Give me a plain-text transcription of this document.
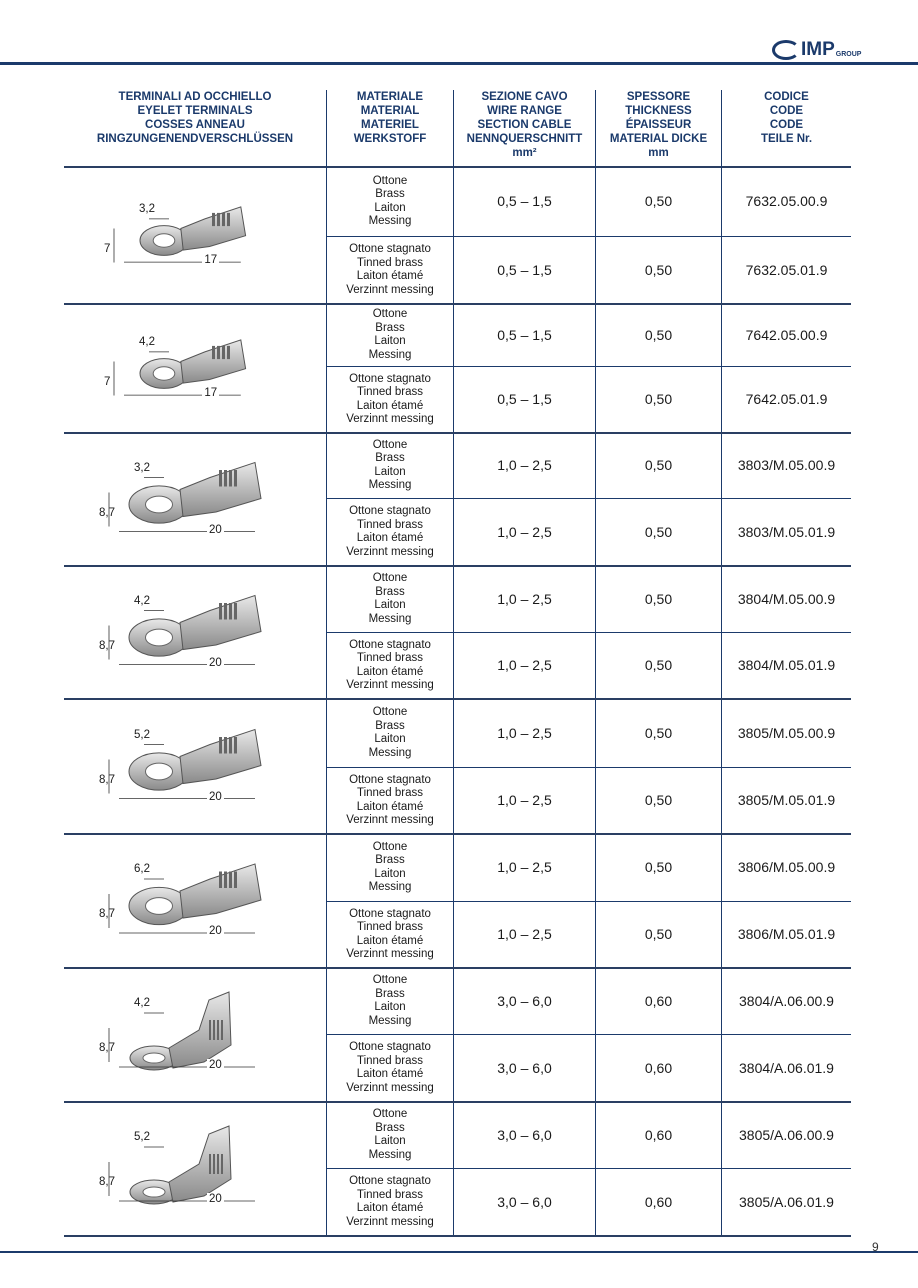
IMP GROUP
TERMINALI AD OCCHIELLO
EYELET TERMINALS
COSSES ANNEAU
RINGZUNGENENDVERSCHLÜSSEN
MATERIALE
MATERIAL
MATERIEL
WERKSTOFF
SEZIONE CAVO
WIRE RANGE
SECTION CABLE
NENNQUERSCHNITT
mm²
SPESSORE
THICKNESS
ÉPAISSEUR
MATERIAL DICKE
mm
CODICE
CODE
CODE
TEILE Nr.
3,2
7
17
Ottone
Brass
Laiton
Messing
0,5 – 1,5	0,50	7632.05.00.9
Ottone stagnato
Tinned brass
Laiton étamé
Verzinnt messing
0,5 – 1,5	0,50	7632.05.01.9
4,2
7
17
Ottone
Brass
Laiton
Messing
0,5 – 1,5	0,50	7642.05.00.9
Ottone stagnato
Tinned brass
Laiton étamé
Verzinnt messing
0,5 – 1,5	0,50	7642.05.01.9
3,2
8,7
20
Ottone
Brass
Laiton
Messing
1,0 – 2,5	0,50	3803/M.05.00.9
Ottone stagnato
Tinned brass
Laiton étamé
Verzinnt messing
1,0 – 2,5	0,50	3803/M.05.01.9
4,2
8,7
20
Ottone
Brass
Laiton
Messing
1,0 – 2,5	0,50	3804/M.05.00.9
Ottone stagnato
Tinned brass
Laiton étamé
Verzinnt messing
1,0 – 2,5	0,50	3804/M.05.01.9
5,2
8,7
20
Ottone
Brass
Laiton
Messing
1,0 – 2,5	0,50	3805/M.05.00.9
Ottone stagnato
Tinned brass
Laiton étamé
Verzinnt messing
1,0 – 2,5	0,50	3805/M.05.01.9
6,2
8,7
20
Ottone
Brass
Laiton
Messing
1,0 – 2,5	0,50	3806/M.05.00.9
Ottone stagnato
Tinned brass
Laiton étamé
Verzinnt messing
1,0 – 2,5	0,50	3806/M.05.01.9
4,2
8,7
20
Ottone
Brass
Laiton
Messing
3,0 – 6,0	0,60	3804/A.06.00.9
Ottone stagnato
Tinned brass
Laiton étamé
Verzinnt messing
3,0 – 6,0	0,60	3804/A.06.01.9
5,2
8,7
20
Ottone
Brass
Laiton
Messing
3,0 – 6,0	0,60	3805/A.06.00.9
Ottone stagnato
Tinned brass
Laiton étamé
Verzinnt messing
3,0 – 6,0	0,60	3805/A.06.01.9
9
